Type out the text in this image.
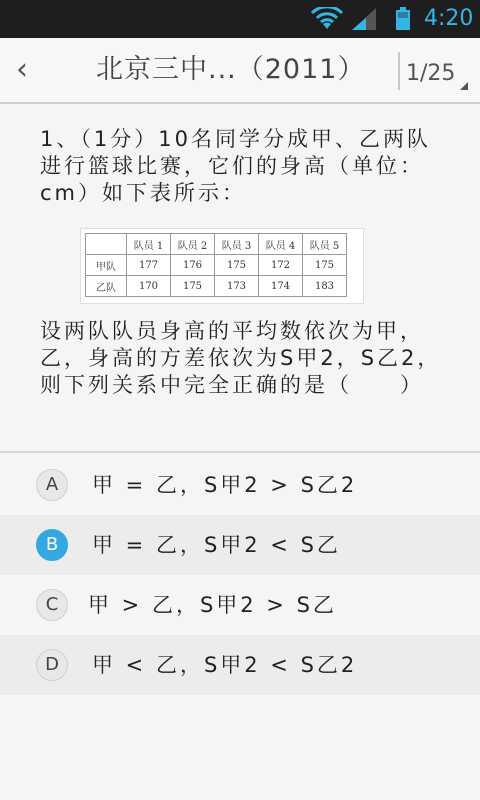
4:20
‹	北京三中...（2011）	1/25
1、（1分）10名同学分成甲、乙两队进行篮球比赛，它们的身高（单位：cm）如下表所示：
	队员 1	队员 2	队员 3	队员 4	队员 5
甲队	177	176	175	172	175
乙队	170	175	173	174	183
设两队队员身高的平均数依次为甲，乙，身高的方差依次为S甲2，S乙2，则下列关系中完全正确的是（　　）
A	甲 = 乙，S甲2 > S乙2
B	甲 = 乙，S甲2 < S乙
C	甲 > 乙，S甲2 > S乙
D	甲 < 乙，S甲2 < S乙2
